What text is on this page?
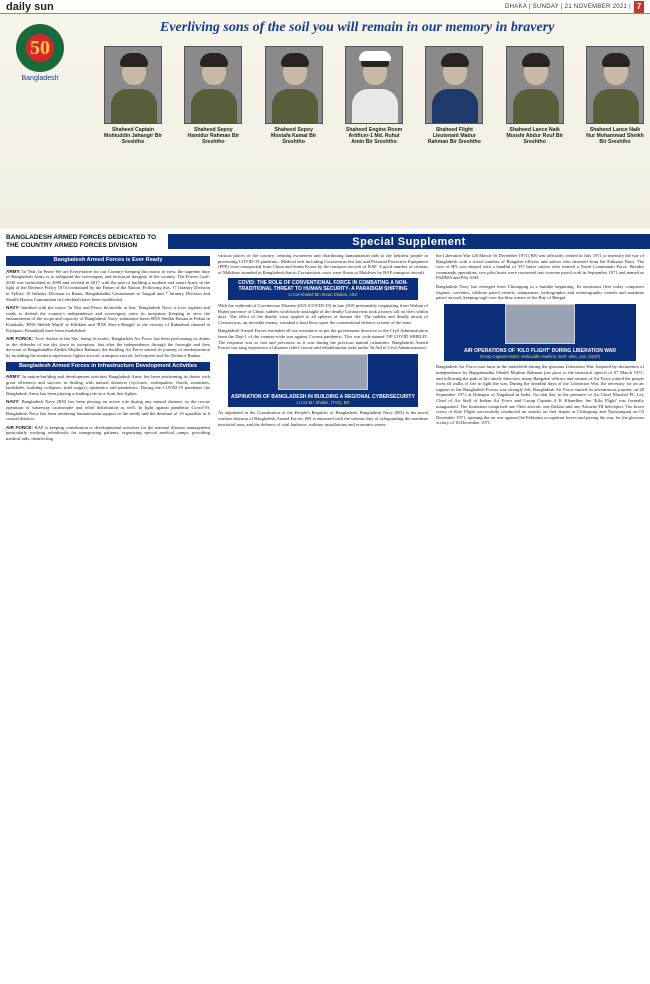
daily sun	DHAKA | SUNDAY | 21 NOVEMBER 2021 | 7
50
Bangladesh
Everliving sons of the soil you will remain in our memory in bravery
Shaheed Captain Mohiuddin Jahangir Bir Sreshtho
Shaheed Sepoy Hamidur Rahman Bir Sreshtho
Shaheed Sepoy Mostafa Kamal Bir Sreshtho
Shaheed Engine Room Artificer-1 Md. Ruhul Amin Bir Sreshtho
Shaheed Flight Lieutenant Matiur Rahman Bir Sreshtho
Shaheed Lance Naik Munshi Abdur Rouf Bir Sreshtho
Shaheed Lance Naik Nur Mohammad Sheikh Bir Sreshtho
BANGLADESH ARMED FORCES DEDICATED TO THE COUNTRY ARMED FORCES DIVISION	Special Supplement
Bangladesh Armed Forces is Ever Ready

ARMY: In 'War, In Peace We are Everywhere for our Country'-keeping this motto in view, the supreme duty of Bangladesh Army is to safeguard the sovereignty and territorial integrity of the country. The Forces Goal-2030 was formulated in 2009 and revised in 2017 with the aim of building a modern and smart Army in the light of the Defence Policy 1974 formulated by the Father of the Nation. Following this, 17 Infantry Division in Sylhet, 10 Infantry Division in Ramu, Bangabandhu Cantonment in Tangail and 7 Infantry Division and Sheikh Hasina Cantonment in Lebukhali have been established.

NAVY: Imbibed with the motto 'In War and Peace Invincible at Sea,' Bangladesh Navy is ever vigilant and ready to defend the country's independence and sovereignty since its inception. Keeping in view the enhancement of the scope and capacity of Bangladesh Navy, submarine bases BNS Sheikh Hasina at Pekua in Kutubdia, 'BNS Sheikh Mujib' at Khilkhet and 'BNS Sher-e-Bangla' in the vicinity of Rabnabad channel at Kalapara, Patuakhali have been established.

AIR FORCE: 'Ever Awake in the Sky' being its motto, Bangladesh Air Force has been performing its duties as the defender of our sky since its inception. Just after the independence through the foresight and firm decision of Bangabandhu Sheikh Mujibur Rahman, the building Air Force started its journey of modernization by including the modern supersonic fighter aircraft, transport aircraft, helicopters and Air Defence Radars.

Bangladesh Armed Forces in Infrastructure Development Activities

ARMY: In nation-building and development activities Bangladesh Army has been performing its duties with great efficiency and success in dealing with natural disasters (cyclones, earthquakes, floods, tornadoes, landslides, building collapses, tidal surges), epidemics and pandemics. During the COVID-19 pandemic the Bangladesh Army has been playing a leading role as a front line fighter.

NAVY: Bangladesh Navy (BN) has been playing an active role during any natural disaster, in the rescue operation of waterway catastrophe and relief distribution as well. In fight against pandemic Covid-19, Bangladesh Navy has been rendering humanitarian support to the needy and the destitute of 19 upazillas in 6 coastal districts.

AIR FORCE: BAF is keeping contribution to developmental activities for the national disaster management particularly working relentlessly for transporting patients, organizing special medical camps, providing medical aids, disinfecting

various places of the country, creating awareness and distributing humanitarian aids to the helpless people in preventing COVID-19 pandemic. Medical aids including Coronavirus test kits and Personal Protective Equipment (PPE) were transported from China and South Korea by the transport aircraft of BAF. A good number of citizens of Maldives stranded in Bangladesh due to Coronavirus crisis were flown to Maldives by BAF transport aircraft.

COVID: THE ROLE OF CONVENTIONAL FORCE IN COMBATING A NON-TRADITIONAL THREAT TO HUMAN SECURITY- A PARADIGM SHIFTING
Lt Col Khaled Bin Imran Dhalah, AEC

With the outbreak of Coronavirus Disease-2019 (COVID-19) in late 2019 presumably originating from Wuhan of Hubei province of China, sudden worldwide onslaught of the deadly Coronavirus took a heavy toll on lives within days. The effect of the deadly virus rippled to all spheres of human life. The sudden and deadly attack of Coronavirus, an invisible enemy, wreaked a hard blow upon the conventional defence system of the state.

Bangladesh Armed Forces extended all-out assistance as per the government directive to the Civil Administration from the Day-1 of the country-wide war against Corona pandemic. This war code named 'OP COVID SHIELD'. The response was so fast and pervasive as it was during the previous natural calamities. Bangladesh Armed Forces has long experience of disaster relief, rescue and rehabilitation tasks under 'In Aid to Civil Administration'.

ASPIRATION OF BANGLADESH IN BUILDING A REGIONAL CYBERSECURITY
Lt Col M I Shakin, (TAS), BN

As stipulated in the Constitution of the People's Republic of Bangladesh, Bangladesh Navy (BN) is the naval warfare division of Bangladesh Armed Forces. BN is entrusted with the solemn duty of safeguarding the maritime territorial area, and the defence of vital harbours, military installations and economic zones.

the Liberation War (26 March-16 December 1971) BN was officially created in July 1971 to intensify the war of Bangladesh with a trivial number of Bangalee officers and sailors who deserted from the Pakistan Navy. The core of BN was shaped with a handful of 357 brave sailors who formed a Naval Commando Force. Besides commando operations, two pilot boats were converted into riverine patrol craft in September 1971 and named as PADMA and PALASH.

Bangladesh Navy has emerged from Chittagong in a humble beginning. Its enormous fleet today comprises frigates, corvettes, offshore patrol vessels, submarines, hydrographic and oceanographic vessels and maritime patrol aircraft, keeping vigil over the blue waters of the Bay of Bengal.

AIR OPERATIONS OF 'KILO FLIGHT' DURING LIBERATION WAR
Group Captain Mohd. Mohiuddin Hashmi, BUP, afwc, psc, GD(P)

Bangladesh Air Force was born in the battlefield during the glorious Liberation War. Inspired by declaration of independence by Bangabandhu Sheikh Mujibur Rahman just prior to the historical speech of 07 March 1971, and following the path of his timely direction, many Bangalee officers and airmen of Air Force joined the people from all walks of life to fight the war. During the dreadful days of the Liberation War, the necessity for an air support to the Bangladesh Forces was strongly felt. Bangladesh Air Force started its adventurous journey on 28 September 1971 at Dimapur of Nagaland in India. On that day, in the presence of Air Chief Marshal PC Lal, Chief of Air Staff of Indian Air Force and Group Captain A K Khandker, the 'Kilo Flight' was formally inaugurated. The formation comprised one Otter aircraft, one Dakota and one Alouette-III helicopter. The brave crews of Kilo Flight successfully conducted air attacks on fuel depots at Chittagong and Narayanganj on 03 December 1971, opening the air war against the Pakistani occupation forces and paving the way for the glorious victory of 16 December 1971.
